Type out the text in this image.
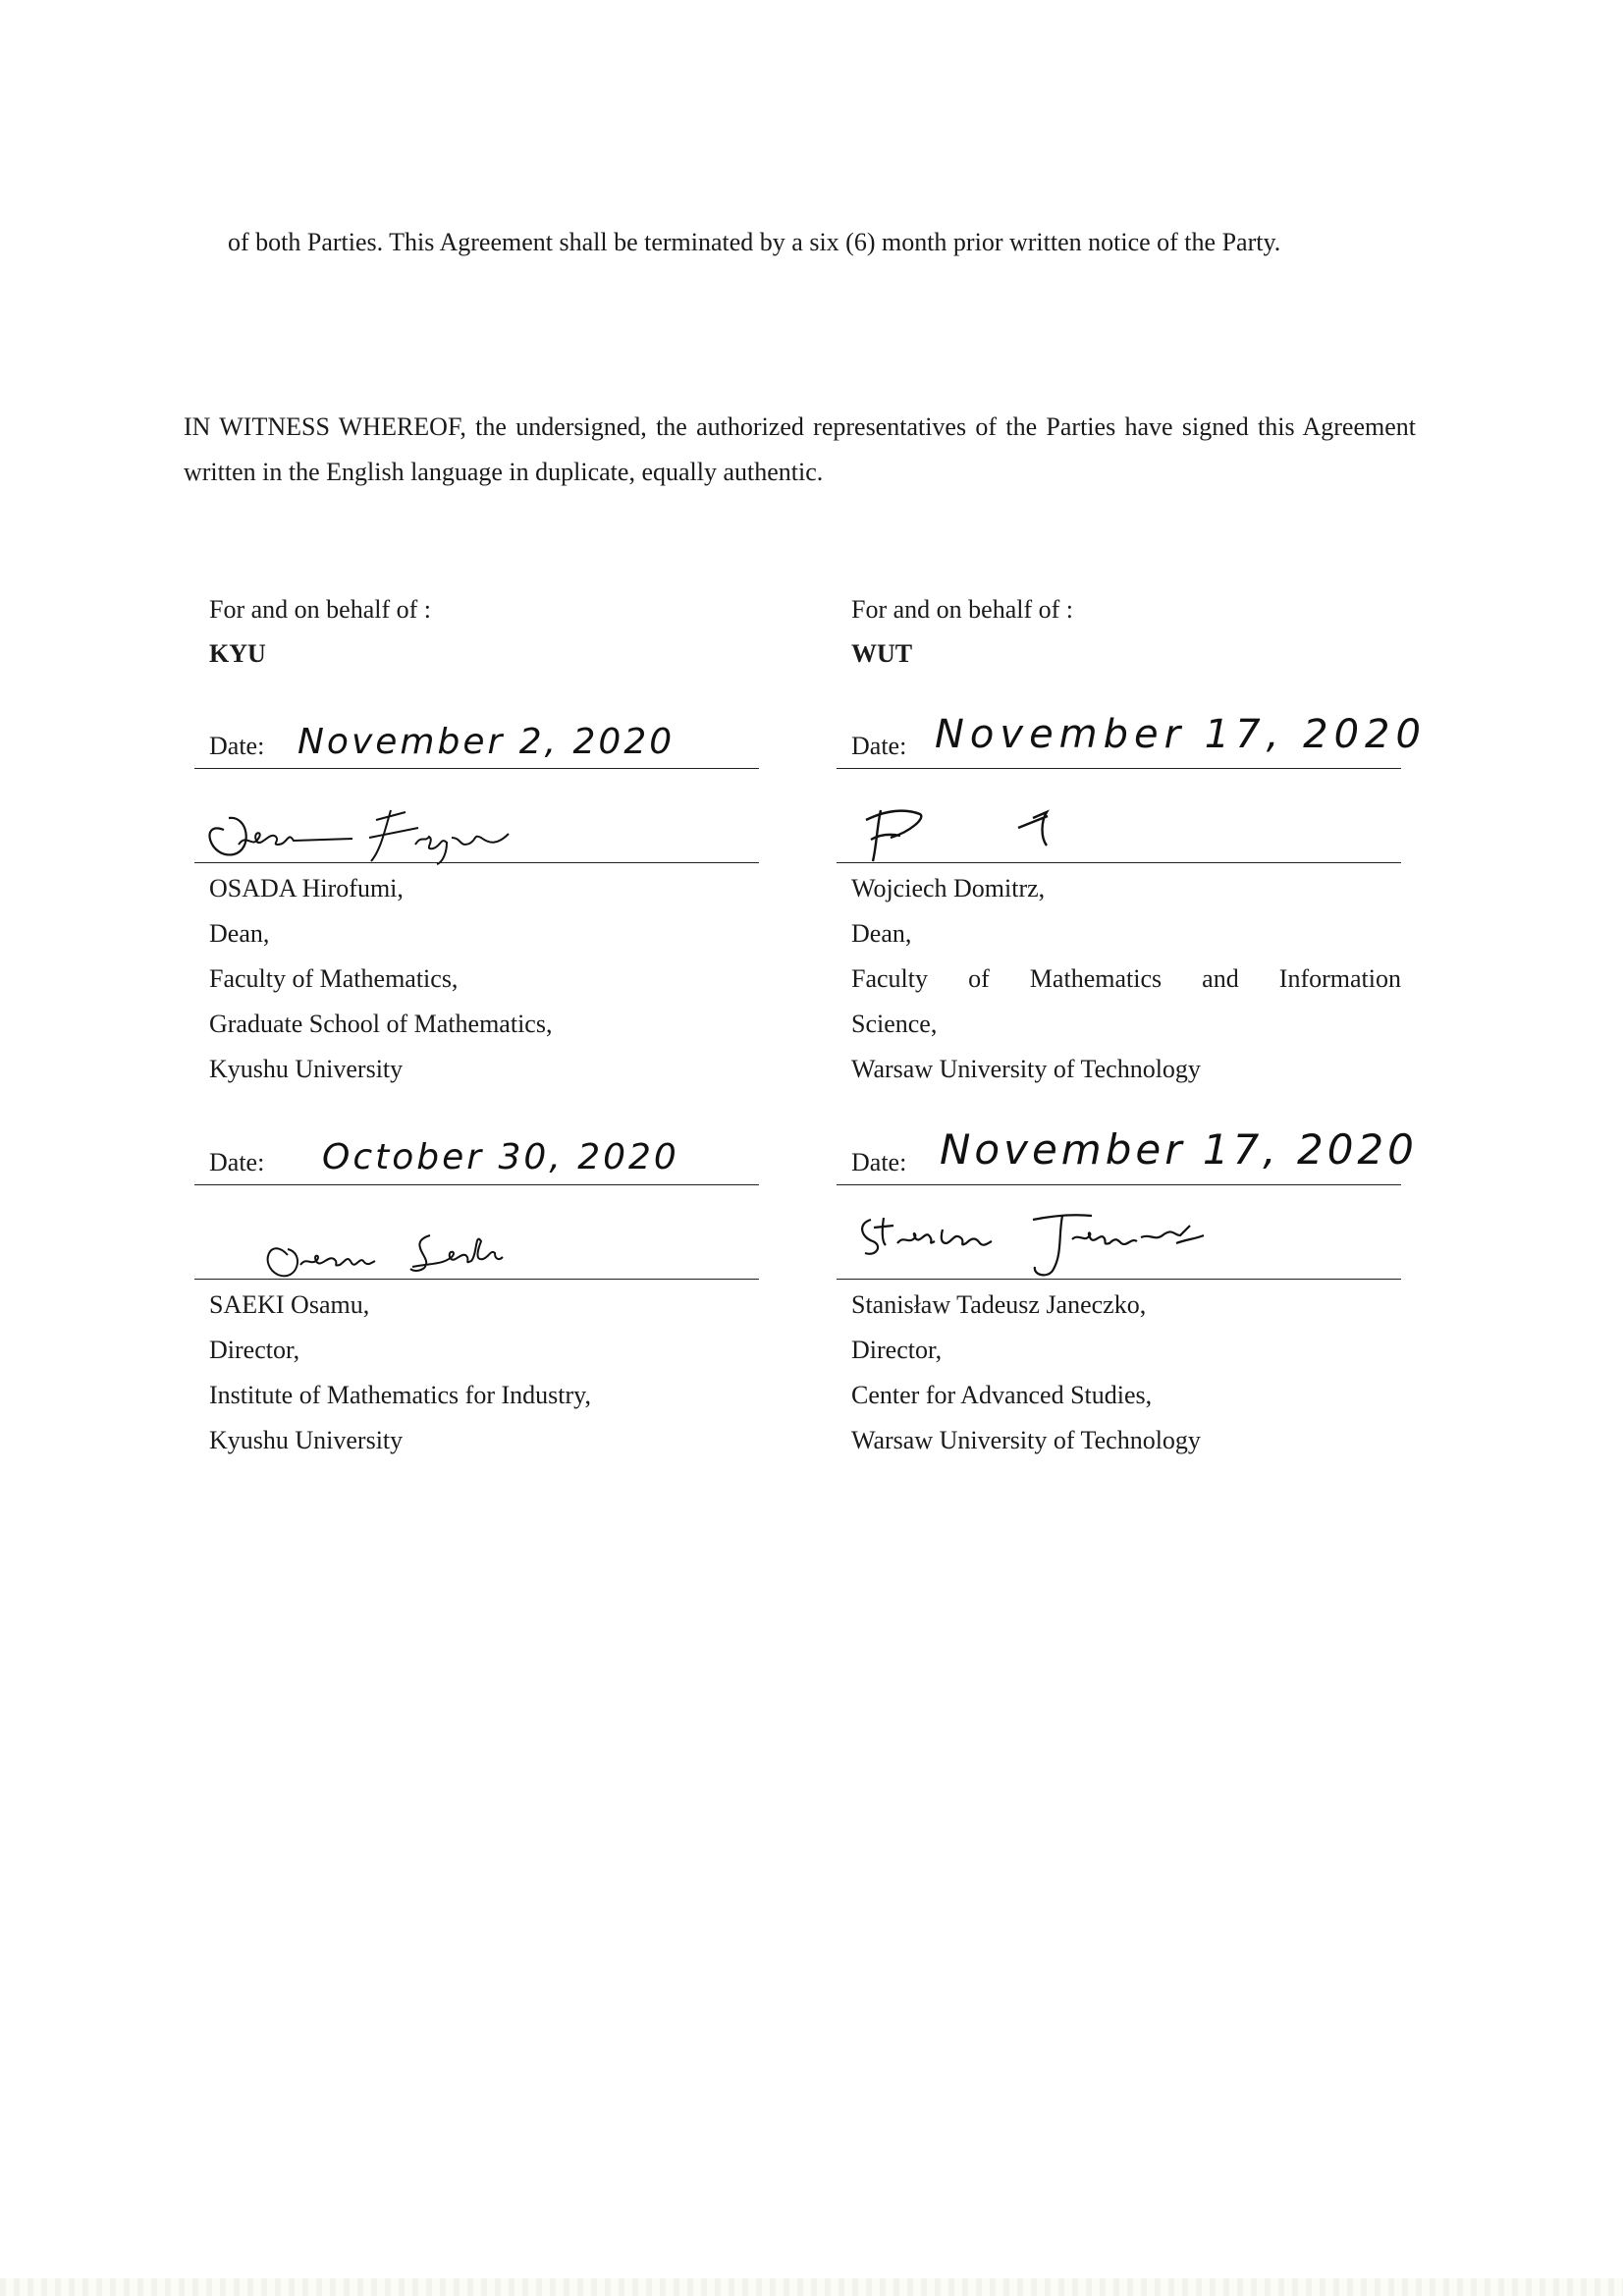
of both Parties. This Agreement shall be terminated by a six (6) month prior written notice of the Party.
IN WITNESS WHEREOF, the undersigned, the authorized representatives of the Parties have signed this Agreement written in the English language in duplicate, equally authentic.
For and on behalf of :
KYU
Date: November 2, 2020
OSADA Hirofumi,
Dean,
Faculty of Mathematics,
Graduate School of Mathematics,
Kyushu University
Date: October 30, 2020
SAEKI Osamu,
Director,
Institute of Mathematics for Industry,
Kyushu University
For and on behalf of :
WUT
Date: November 17, 2020
Wojciech Domitrz,
Dean,
Faculty of Mathematics and Information
Science,
Warsaw University of Technology
Date: November 17, 2020
Stanisław Tadeusz Janeczko,
Director,
Center for Advanced Studies,
Warsaw University of Technology
